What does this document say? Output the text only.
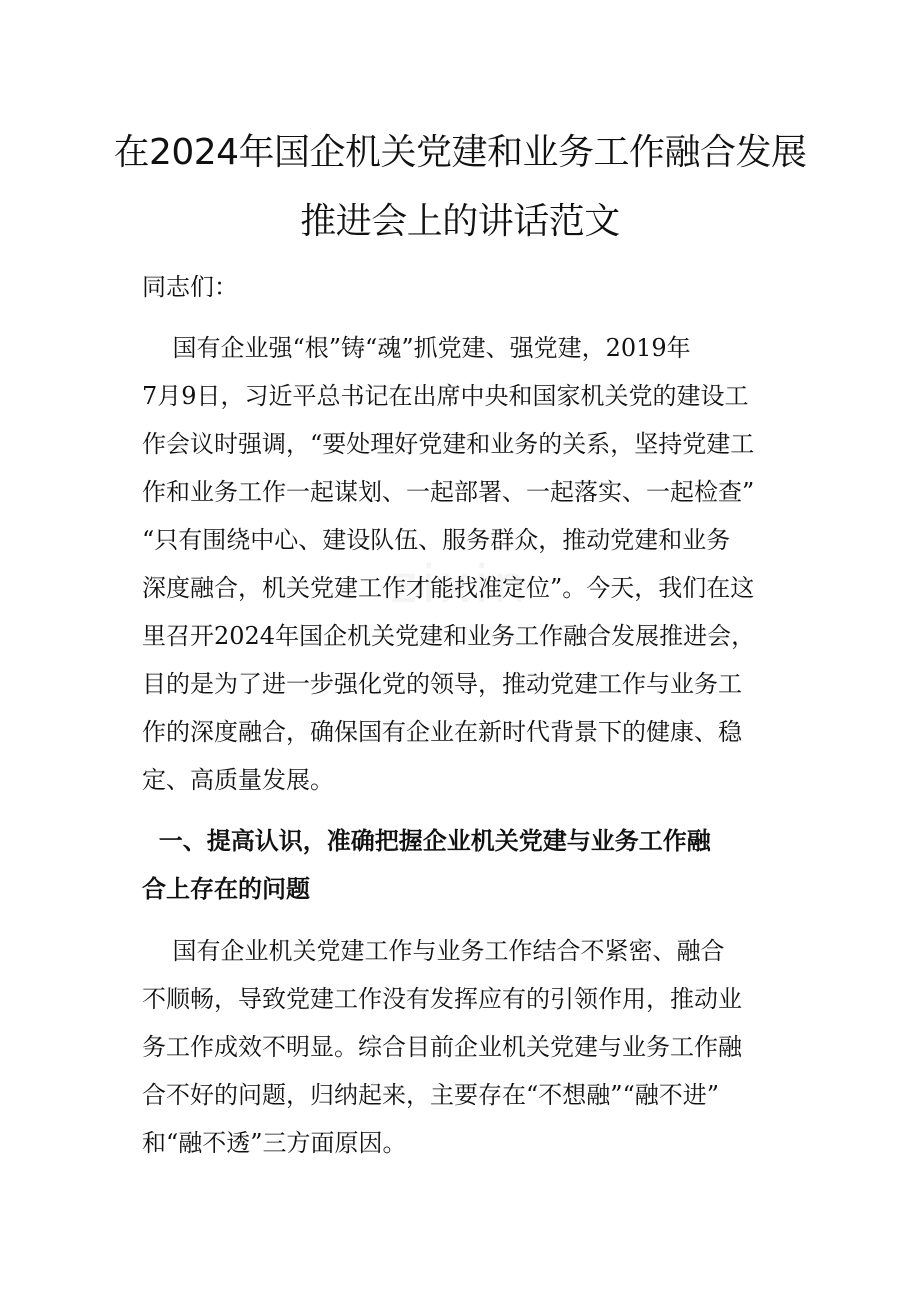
在2024年国企机关党建和业务工作融合发展
推进会上的讲话范文

同志们：

国有企业强“根”铸“魂”抓党建、强党建，2019年

7月9日，习近平总书记在出席中央和国家机关党的建设工

作会议时强调，“要处理好党建和业务的关系，坚持党建工

作和业务工作一起谋划、一起部署、一起落实、一起检查”

“只有围绕中心、建设队伍、服务群众，推动党建和业务

深度融合，机关党建工作才能找准定位”。今天，我们在这

里召开2024年国企机关党建和业务工作融合发展推进会，

目的是为了进一步强化党的领导，推动党建工作与业务工

作的深度融合，确保国有企业在新时代背景下的健康、稳

定、高质量发展。

一、提高认识，准确把握企业机关党建与业务工作融

合上存在的问题

国有企业机关党建工作与业务工作结合不紧密、融合

不顺畅，导致党建工作没有发挥应有的引领作用，推动业

务工作成效不明显。综合目前企业机关党建与业务工作融

合不好的问题，归纳起来，主要存在“不想融”“融不进”

和“融不透”三方面原因。
